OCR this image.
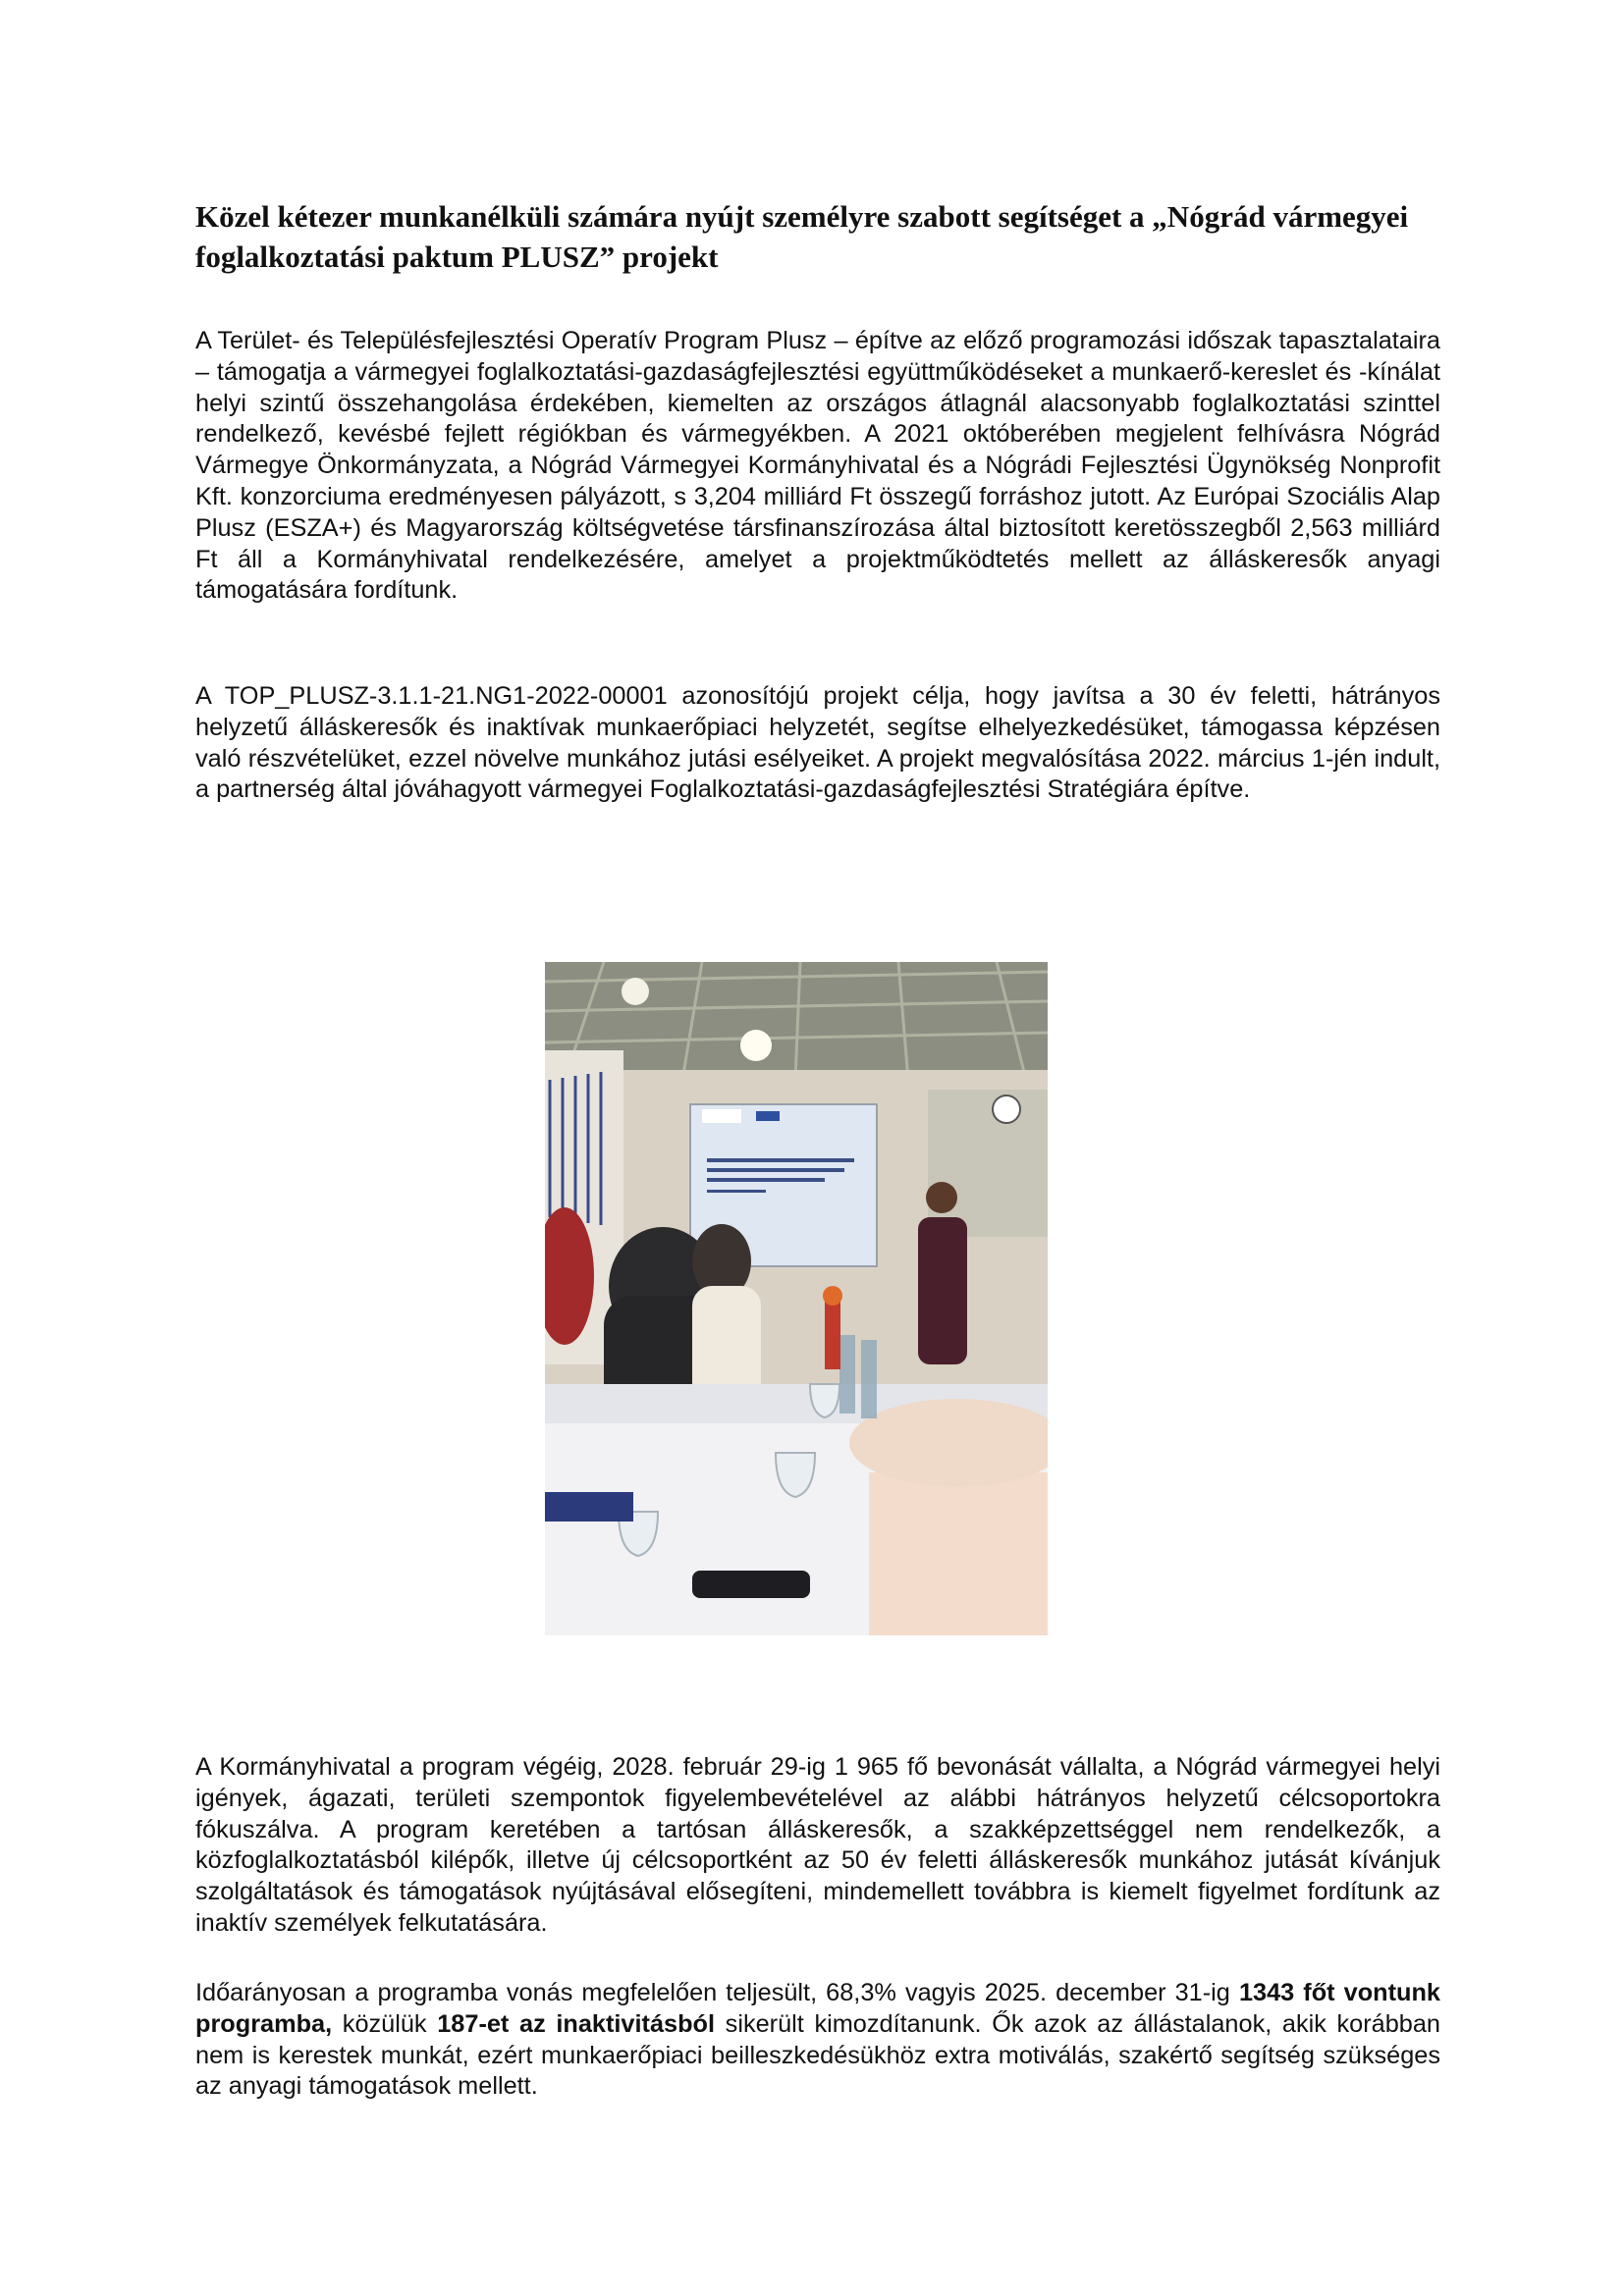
Közel kétezer munkanélküli számára nyújt személyre szabott segítséget a „Nógrád vármegyei foglalkoztatási paktum PLUSZ” projekt

A Terület- és Településfejlesztési Operatív Program Plusz – építve az előző programozási időszak tapasztalataira – támogatja a vármegyei foglalkoztatási-gazdaságfejlesztési együttműködéseket a munkaerő-kereslet és -kínálat helyi szintű összehangolása érdekében, kiemelten az országos átlagnál alacsonyabb foglalkoztatási szinttel rendelkező, kevésbé fejlett régiókban és vármegyékben. A 2021 októberében megjelent felhívásra Nógrád Vármegye Önkormányzata, a Nógrád Vármegyei Kormányhivatal és a Nógrádi Fejlesztési Ügynökség Nonprofit Kft. konzorciuma eredményesen pályázott, s 3,204 milliárd Ft összegű forráshoz jutott. Az Európai Szociális Alap Plusz (ESZA+) és Magyarország költségvetése társfinanszírozása által biztosított keretösszegből 2,563 milliárd Ft áll a Kormányhivatal rendelkezésére, amelyet a projektműködtetés mellett az álláskeresők anyagi támogatására fordítunk.

A TOP_PLUSZ-3.1.1-21.NG1-2022-00001 azonosítójú projekt célja, hogy javítsa a 30 év feletti, hátrányos helyzetű álláskeresők és inaktívak munkaerőpiaci helyzetét, segítse elhelyezkedésüket, támogassa képzésen való részvételüket, ezzel növelve munkához jutási esélyeiket. A projekt megvalósítása 2022. március 1-jén indult, a partnerség által jóváhagyott vármegyei Foglalkoztatási-gazdaságfejlesztési Stratégiára építve.

A Kormányhivatal a program végéig, 2028. február 29-ig 1 965 fő bevonását vállalta, a Nógrád vármegyei helyi igények, ágazati, területi szempontok figyelembevételével az alábbi hátrányos helyzetű célcsoportokra fókuszálva. A program keretében a tartósan álláskeresők, a szakképzettséggel nem rendelkezők, a közfoglalkoztatásból kilépők, illetve új célcsoportként az 50 év feletti álláskeresők munkához jutását kívánjuk szolgáltatások és támogatások nyújtásával elősegíteni, mindemellett továbbra is kiemelt figyelmet fordítunk az inaktív személyek felkutatására.

Időarányosan a programba vonás megfelelően teljesült, 68,3% vagyis 2025. december 31-ig 1343 főt vontunk programba, közülük 187-et az inaktivitásból sikerült kimozdítanunk. Ők azok az állástalanok, akik korábban nem is kerestek munkát, ezért munkaerőpiaci beilleszkedésükhöz extra motiválás, szakértő segítség szükséges az anyagi támogatások mellett.
